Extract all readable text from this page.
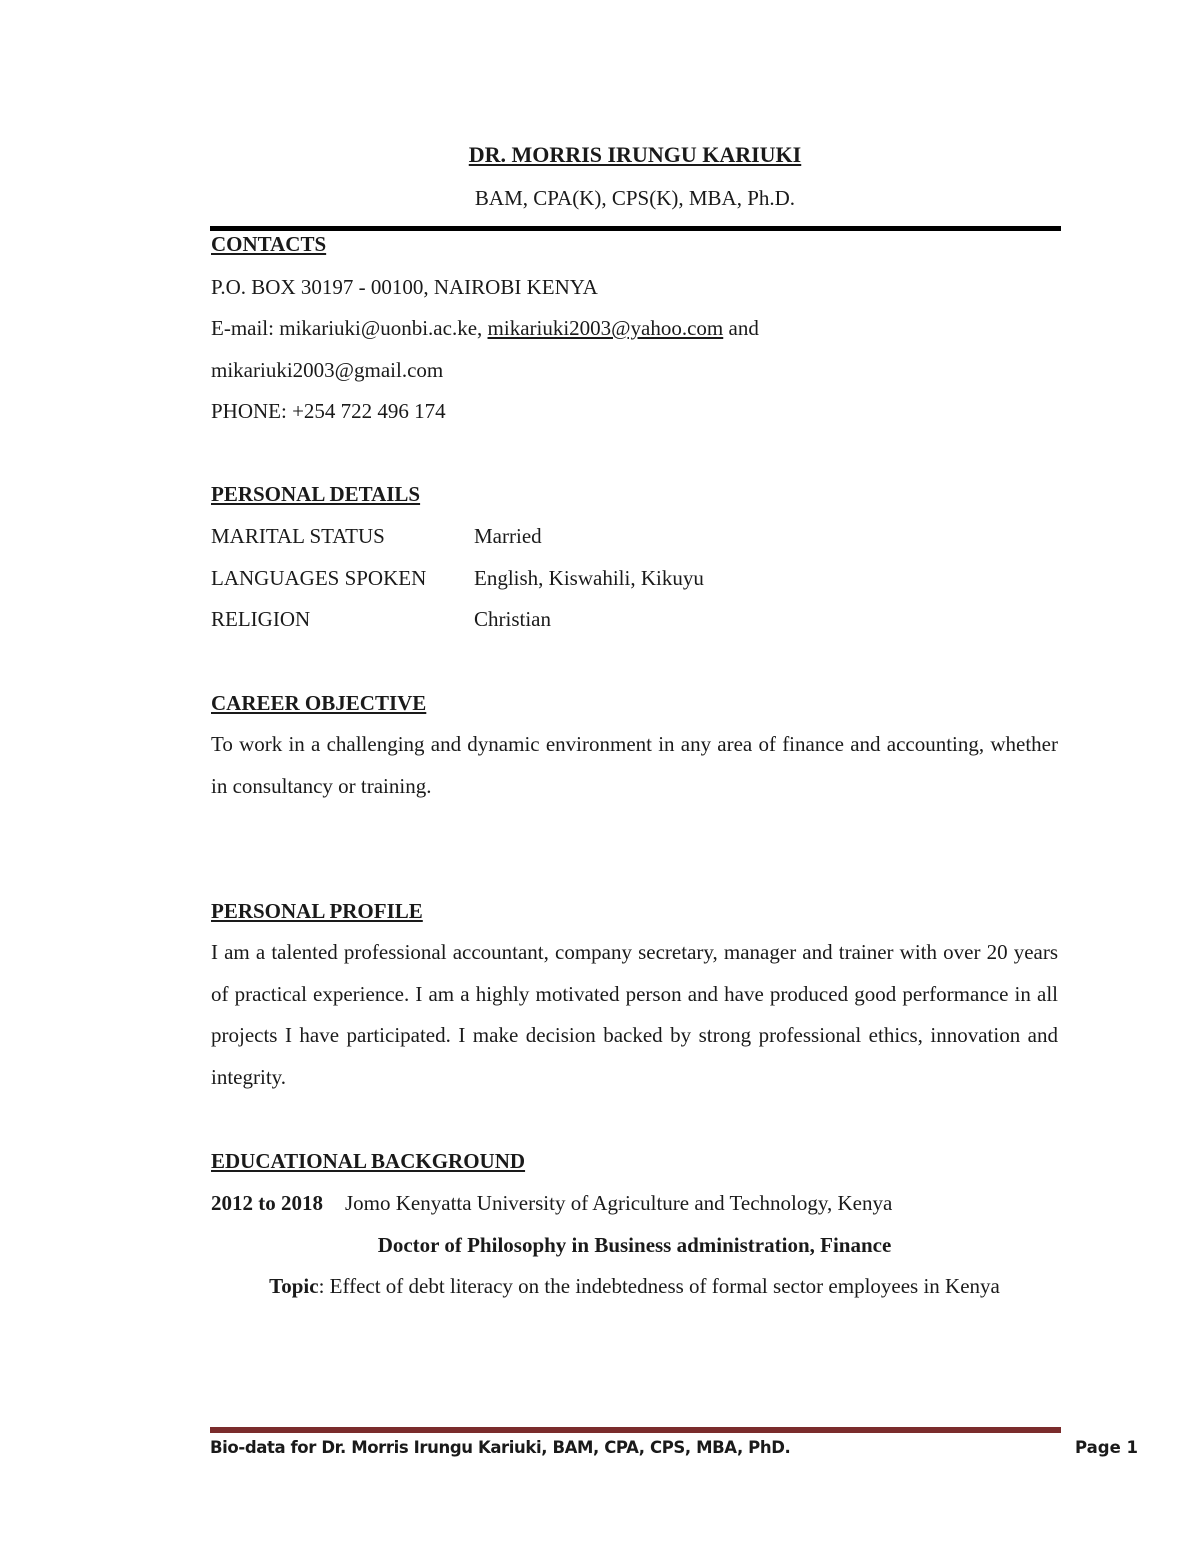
DR. MORRIS IRUNGU KARIUKI
BAM, CPA(K), CPS(K), MBA, Ph.D.
CONTACTS
P.O. BOX 30197 - 00100, NAIROBI KENYA
E-mail: mikariuki@uonbi.ac.ke, mikariuki2003@yahoo.com and
mikariuki2003@gmail.com
PHONE: +254 722 496 174
PERSONAL DETAILS
MARITAL STATUS	Married
LANGUAGES SPOKEN English, Kiswahili, Kikuyu
RELIGION	Christian
CAREER OBJECTIVE
To work in a challenging and dynamic environment in any area of finance and accounting, whether in consultancy or training.
PERSONAL PROFILE
I am a talented professional accountant, company secretary, manager and trainer with over 20 years of practical experience. I am a highly motivated person and have produced good performance in all projects I have participated. I make decision backed by strong professional ethics, innovation and integrity.
EDUCATIONAL BACKGROUND
2012 to 2018 Jomo Kenyatta University of Agriculture and Technology, Kenya
Doctor of Philosophy in Business administration, Finance
Topic: Effect of debt literacy on the indebtedness of formal sector employees in Kenya
Bio-data for Dr. Morris Irungu Kariuki, BAM, CPA, CPS, MBA, PhD.	Page 1
